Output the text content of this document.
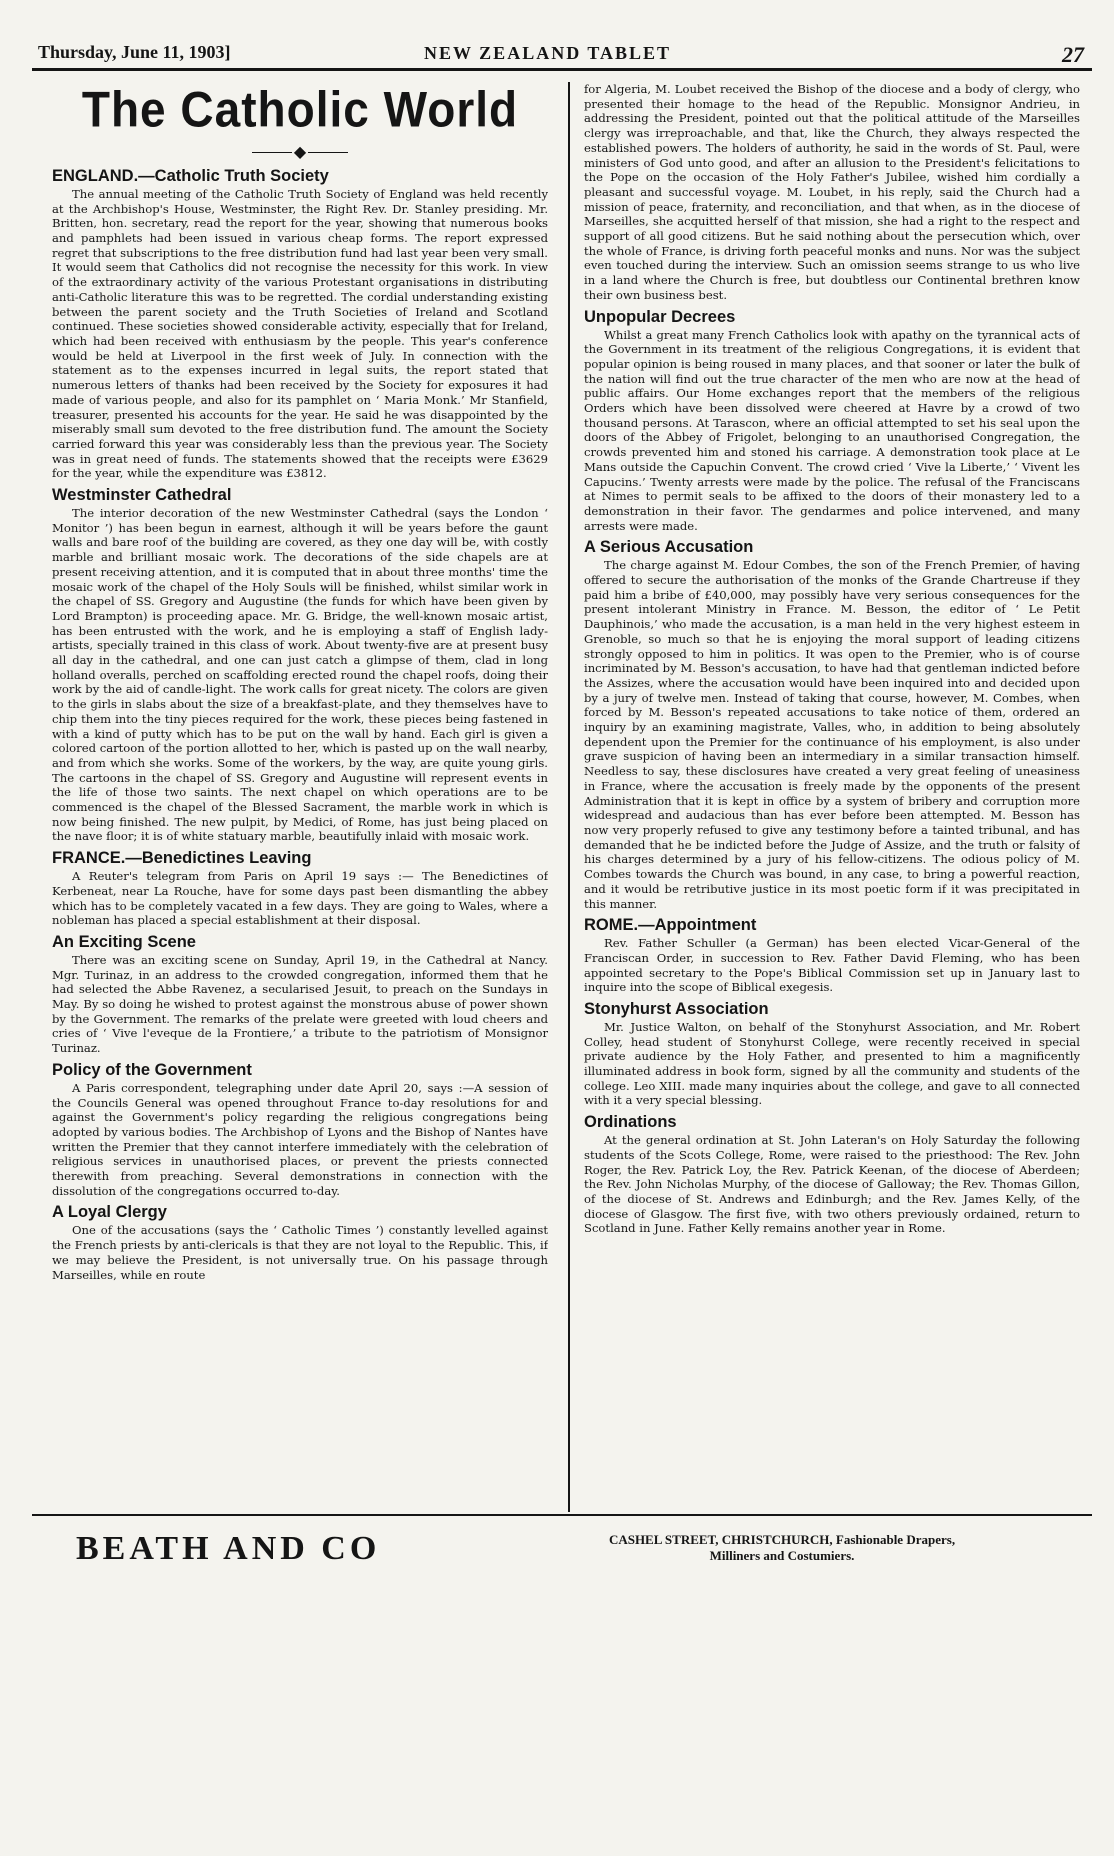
Thursday, June 11, 1903]	NEW ZEALAND TABLET	27
The Catholic World
◆
ENGLAND.—Catholic Truth Society

The annual meeting of the Catholic Truth Society of England was held recently at the Archbishop's House, Westminster, the Right Rev. Dr. Stanley presiding. Mr. Britten, hon. secretary, read the report for the year, showing that numerous books and pamphlets had been issued in various cheap forms. The report expressed regret that subscriptions to the free distribution fund had last year been very small. It would seem that Catholics did not recognise the necessity for this work. In view of the extraordinary activity of the various Protestant organisations in distributing anti-Catholic literature this was to be regretted. The cordial understanding existing between the parent society and the Truth Societies of Ireland and Scotland continued. These societies showed considerable activity, especially that for Ireland, which had been received with enthusiasm by the people. This year's conference would be held at Liverpool in the first week of July. In connection with the statement as to the expenses incurred in legal suits, the report stated that numerous letters of thanks had been received by the Society for exposures it had made of various people, and also for its pamphlet on ‘ Maria Monk.’ Mr Stanfield, treasurer, presented his accounts for the year. He said he was disappointed by the miserably small sum devoted to the free distribution fund. The amount the Society carried forward this year was considerably less than the previous year. The Society was in great need of funds. The statements showed that the receipts were £3629 for the year, while the expenditure was £3812.

Westminster Cathedral

The interior decoration of the new Westminster Cathedral (says the London ‘ Monitor ’) has been begun in earnest, although it will be years before the gaunt walls and bare roof of the building are covered, as they one day will be, with costly marble and brilliant mosaic work. The decorations of the side chapels are at present receiving attention, and it is computed that in about three months' time the mosaic work of the chapel of the Holy Souls will be finished, whilst similar work in the chapel of SS. Gregory and Augustine (the funds for which have been given by Lord Brampton) is proceeding apace. Mr. G. Bridge, the well-known mosaic artist, has been entrusted with the work, and he is employing a staff of English lady-artists, specially trained in this class of work. About twenty-five are at present busy all day in the cathedral, and one can just catch a glimpse of them, clad in long holland overalls, perched on scaffolding erected round the chapel roofs, doing their work by the aid of candle-light. The work calls for great nicety. The colors are given to the girls in slabs about the size of a breakfast-plate, and they themselves have to chip them into the tiny pieces required for the work, these pieces being fastened in with a kind of putty which has to be put on the wall by hand. Each girl is given a colored cartoon of the portion allotted to her, which is pasted up on the wall nearby, and from which she works. Some of the workers, by the way, are quite young girls. The cartoons in the chapel of SS. Gregory and Augustine will represent events in the life of those two saints. The next chapel on which operations are to be commenced is the chapel of the Blessed Sacrament, the marble work in which is now being finished. The new pulpit, by Medici, of Rome, has just being placed on the nave floor; it is of white statuary marble, beautifully inlaid with mosaic work.

FRANCE.—Benedictines Leaving

A Reuter's telegram from Paris on April 19 says :— The Benedictines of Kerbeneat, near La Rouche, have for some days past been dismantling the abbey which has to be completely vacated in a few days. They are going to Wales, where a nobleman has placed a special establishment at their disposal.

An Exciting Scene

There was an exciting scene on Sunday, April 19, in the Cathedral at Nancy. Mgr. Turinaz, in an address to the crowded congregation, informed them that he had selected the Abbe Ravenez, a secularised Jesuit, to preach on the Sundays in May. By so doing he wished to protest against the monstrous abuse of power shown by the Government. The remarks of the prelate were greeted with loud cheers and cries of ‘ Vive l'eveque de la Frontiere,’ a tribute to the patriotism of Monsignor Turinaz.

Policy of the Government

A Paris correspondent, telegraphing under date April 20, says :—A session of the Councils General was opened throughout France to-day resolutions for and against the Government's policy regarding the religious congregations being adopted by various bodies. The Archbishop of Lyons and the Bishop of Nantes have written the Premier that they cannot interfere immediately with the celebration of religious services in unauthorised places, or prevent the priests connected therewith from preaching. Several demonstrations in connection with the dissolution of the congregations occurred to-day.

A Loyal Clergy

One of the accusations (says the ‘ Catholic Times ’) constantly levelled against the French priests by anti-clericals is that they are not loyal to the Republic. This, if we may believe the President, is not universally true. On his passage through Marseilles, while en route

for Algeria, M. Loubet received the Bishop of the diocese and a body of clergy, who presented their homage to the head of the Republic. Monsignor Andrieu, in addressing the President, pointed out that the political attitude of the Marseilles clergy was irreproachable, and that, like the Church, they always respected the established powers. The holders of authority, he said in the words of St. Paul, were ministers of God unto good, and after an allusion to the President's felicitations to the Pope on the occasion of the Holy Father's Jubilee, wished him cordially a pleasant and successful voyage. M. Loubet, in his reply, said the Church had a mission of peace, fraternity, and reconciliation, and that when, as in the diocese of Marseilles, she acquitted herself of that mission, she had a right to the respect and support of all good citizens. But he said nothing about the persecution which, over the whole of France, is driving forth peaceful monks and nuns. Nor was the subject even touched during the interview. Such an omission seems strange to us who live in a land where the Church is free, but doubtless our Continental brethren know their own business best.

Unpopular Decrees

Whilst a great many French Catholics look with apathy on the tyrannical acts of the Government in its treatment of the religious Congregations, it is evident that popular opinion is being roused in many places, and that sooner or later the bulk of the nation will find out the true character of the men who are now at the head of public affairs. Our Home exchanges report that the members of the religious Orders which have been dissolved were cheered at Havre by a crowd of two thousand persons. At Tarascon, where an official attempted to set his seal upon the doors of the Abbey of Frigolet, belonging to an unauthorised Congregation, the crowds prevented him and stoned his carriage. A demonstration took place at Le Mans outside the Capuchin Convent. The crowd cried ‘ Vive la Liberte,’ ‘ Vivent les Capucins.’ Twenty arrests were made by the police. The refusal of the Franciscans at Nimes to permit seals to be affixed to the doors of their monastery led to a demonstration in their favor. The gendarmes and police intervened, and many arrests were made.

A Serious Accusation

The charge against M. Edour Combes, the son of the French Premier, of having offered to secure the authorisation of the monks of the Grande Chartreuse if they paid him a bribe of £40,000, may possibly have very serious consequences for the present intolerant Ministry in France. M. Besson, the editor of ‘ Le Petit Dauphinois,’ who made the accusation, is a man held in the very highest esteem in Grenoble, so much so that he is enjoying the moral support of leading citizens strongly opposed to him in politics. It was open to the Premier, who is of course incriminated by M. Besson's accusation, to have had that gentleman indicted before the Assizes, where the accusation would have been inquired into and decided upon by a jury of twelve men. Instead of taking that course, however, M. Combes, when forced by M. Besson's repeated accusations to take notice of them, ordered an inquiry by an examining magistrate, Valles, who, in addition to being absolutely dependent upon the Premier for the continuance of his employment, is also under grave suspicion of having been an intermediary in a similar transaction himself. Needless to say, these disclosures have created a very great feeling of uneasiness in France, where the accusation is freely made by the opponents of the present Administration that it is kept in office by a system of bribery and corruption more widespread and audacious than has ever before been attempted. M. Besson has now very properly refused to give any testimony before a tainted tribunal, and has demanded that he be indicted before the Judge of Assize, and the truth or falsity of his charges determined by a jury of his fellow-citizens. The odious policy of M. Combes towards the Church was bound, in any case, to bring a powerful reaction, and it would be retributive justice in its most poetic form if it was precipitated in this manner.

ROME.—Appointment

Rev. Father Schuller (a German) has been elected Vicar-General of the Franciscan Order, in succession to Rev. Father David Fleming, who has been appointed secretary to the Pope's Biblical Commission set up in January last to inquire into the scope of Biblical exegesis.

Stonyhurst Association

Mr. Justice Walton, on behalf of the Stonyhurst Association, and Mr. Robert Colley, head student of Stonyhurst College, were recently received in special private audience by the Holy Father, and presented to him a magnificently illuminated address in book form, signed by all the community and students of the college. Leo XIII. made many inquiries about the college, and gave to all connected with it a very special blessing.

Ordinations

At the general ordination at St. John Lateran's on Holy Saturday the following students of the Scots College, Rome, were raised to the priesthood: The Rev. John Roger, the Rev. Patrick Loy, the Rev. Patrick Keenan, of the diocese of Aberdeen; the Rev. John Nicholas Murphy, of the diocese of Galloway; the Rev. Thomas Gillon, of the diocese of St. Andrews and Edinburgh; and the Rev. James Kelly, of the diocese of Glasgow. The first five, with two others previously ordained, return to Scotland in June. Father Kelly remains another year in Rome.

BEATH AND CO	CASHEL STREET, CHRISTCHURCH, Fashionable Drapers,
Milliners and Costumiers.
